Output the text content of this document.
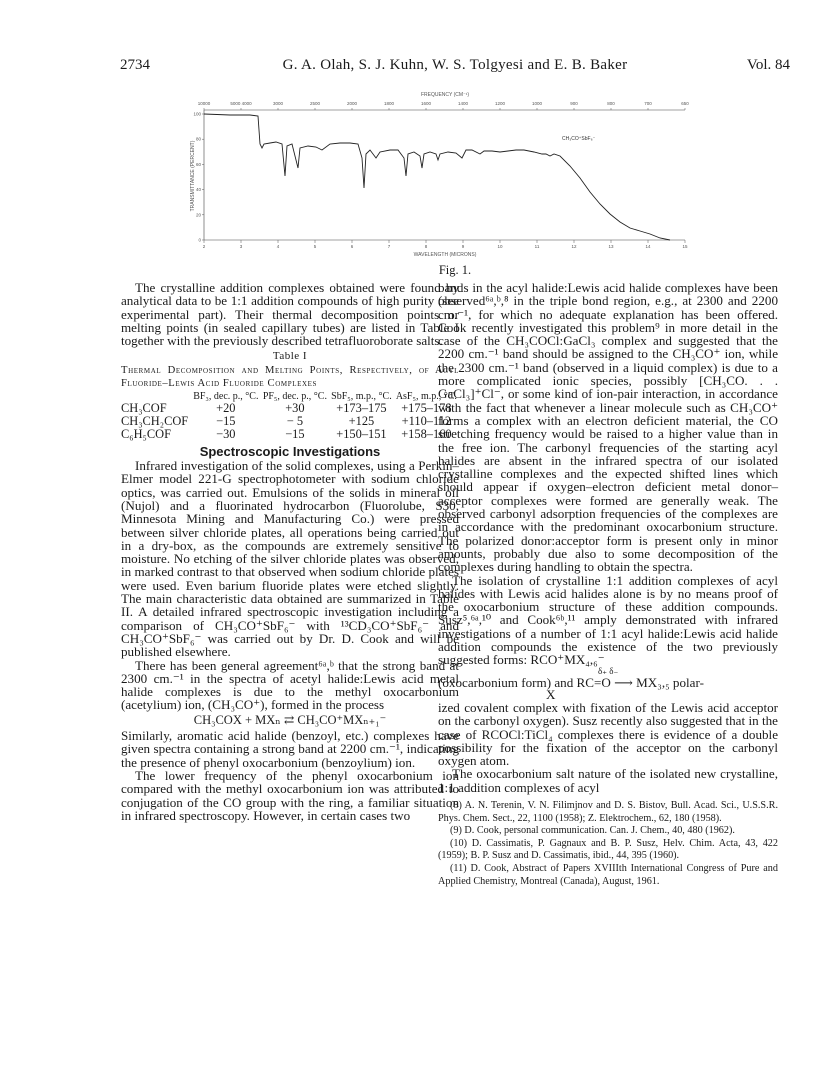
2734	G. A. Olah, S. J. Kuhn, W. S. Tolgyesi and E. B. Baker	Vol. 84
FREQUENCY (CM⁻¹)
10000	5000 4000	3000	2500	2000	1800	1600	1400	1200	1000	900	800	700	650
100
80
60
40
20
0
TRANSMITTANCE (PERCENT)
2	3	4	5	6	7	8	9	10	11	12	13	14	15
WAVELENGTH (MICRONS)
CH₃CO⁺SbF₆⁻
Fig. 1.

The crystalline addition complexes obtained were found by analytical data to be 1:1 addition compounds of high purity (see experimental part). Their thermal decomposition points or melting points (in sealed capillary tubes) are listed in Table I together with the previously described tetrafluoroborate salts.

Table I
Thermal Decomposition and Melting Points, Respectively, of Acyl Fluoride–Lewis Acid Fluoride Complexes
	BF₃, dec. p., °C.	PF₅, dec. p., °C.	SbF₅, m.p., °C.	AsF₅, m.p., °C.
CH₃COF	+20	+30	+173–175	+175–178
CH₃CH₂COF	−15	− 5	+125	+110–112
C₆H₅COF	−30	−15	+150–151	+158–160
Spectroscopic Investigations

Infrared investigation of the solid complexes, using a Perkin–Elmer model 221-G spectrophotometer with sodium chloride optics, was carried out. Emulsions of the solids in mineral oil (Nujol) and a fluorinated hydrocarbon (Fluorolube, S30, Minnesota Mining and Manufacturing Co.) were pressed between silver chloride plates, all operations being carried out in a dry-box, as the compounds are extremely sensitive to moisture. No etching of the silver chloride plates was observed, in marked contrast to that observed when sodium chloride plates were used. Even barium fluoride plates were etched slightly. The main characteristic data obtained are summarized in Table II. A detailed infrared spectroscopic investigation including a comparison of CH₃CO⁺SbF₆⁻ with ¹³CD₃CO⁺SbF₆⁻ and CH₃CO⁺SbF₆⁻ was carried out by Dr. D. Cook and will be published elsewhere.

There has been general agreement⁶ᵃ,ᵇ that the strong band at 2300 cm.⁻¹ in the spectra of acetyl halide:Lewis acid metal halide complexes is due to the methyl oxocarbonium (acetylium) ion, (CH₃CO⁺), formed in the process

CH₃COX + MXₙ ⇄ CH₃CO⁺MXₙ₊₁⁻

Similarly, aromatic acid halide (benzoyl, etc.) complexes have given spectra containing a strong band at 2200 cm.⁻¹, indicating the presence of phenyl oxocarbonium (benzoylium) ion.

The lower frequency of the phenyl oxocarbonium ion compared with the methyl oxocarbonium ion was attributed to conjugation of the CO group with the ring, a familiar situation in infrared spectroscopy. However, in certain cases two

bands in the acyl halide:Lewis acid halide complexes have been observed⁶ᵃ,ᵇ,⁸ in the triple bond region, e.g., at 2300 and 2200 cm.⁻¹, for which no adequate explanation has been offered. Cook recently investigated this problem⁹ in more detail in the case of the CH₃COCl:GaCl₃ complex and suggested that the 2200 cm.⁻¹ band should be assigned to the CH₃CO⁺ ion, while the 2300 cm.⁻¹ band (observed in a liquid complex) is due to a more complicated ionic species, possibly [CH₃CO. . . GaCl₃]⁺Cl⁻, or some kind of ion-pair interaction, in accordance with the fact that whenever a linear molecule such as CH₃CO⁺ forms a complex with an electron deficient material, the CO stretching frequency would be raised to a higher value than in the free ion. The carbonyl frequencies of the starting acyl halides are absent in the infrared spectra of our isolated crystalline complexes and the expected shifted lines which should appear if oxygen–electron deficient metal donor–acceptor complexes were formed are generally weak. The observed carbonyl adsorption frequencies of the complexes are in accordance with the predominant oxocarbonium structure. The polarized donor:acceptor form is present only in minor amounts, probably due also to some decomposition of the complexes during handling to obtain the spectra.

The isolation of crystalline 1:1 addition complexes of acyl halides with Lewis acid halides alone is by no means proof of the oxocarbonium structure of these addition compounds. Susz⁵,⁶ᵃ,¹⁰ and Cook⁶ᵇ,¹¹ amply demonstrated with infrared investigations of a number of 1:1 acyl halide:Lewis acid halide addition compounds the existence of the two previously suggested forms: RCO⁺MX₄,₆⁻

δ₊ δ₋
(oxocarbonium form) and RC=O ⟶ MX₃,₅ polar-
X

ized covalent complex with fixation of the Lewis acid acceptor on the carbonyl oxygen). Susz recently also suggested that in the case of RCOCl:TiCl₄ complexes there is evidence of a double possibility for the fixation of the acceptor on the carbonyl oxygen atom.

The oxocarbonium salt nature of the isolated new crystalline, 1:1 addition complexes of acyl

(8) A. N. Terenin, V. N. Filimjnov and D. S. Bistov, Bull. Acad. Sci., U.S.S.R. Phys. Chem. Sect., 22, 1100 (1958); Z. Elektrochem., 62, 180 (1958).

(9) D. Cook, personal communication. Can. J. Chem., 40, 480 (1962).

(10) D. Cassimatis, P. Gagnaux and B. P. Susz, Helv. Chim. Acta, 43, 422 (1959); B. P. Susz and D. Cassimatis, ibid., 44, 395 (1960).

(11) D. Cook, Abstract of Papers XVIIIth International Congress of Pure and Applied Chemistry, Montreal (Canada), August, 1961.
